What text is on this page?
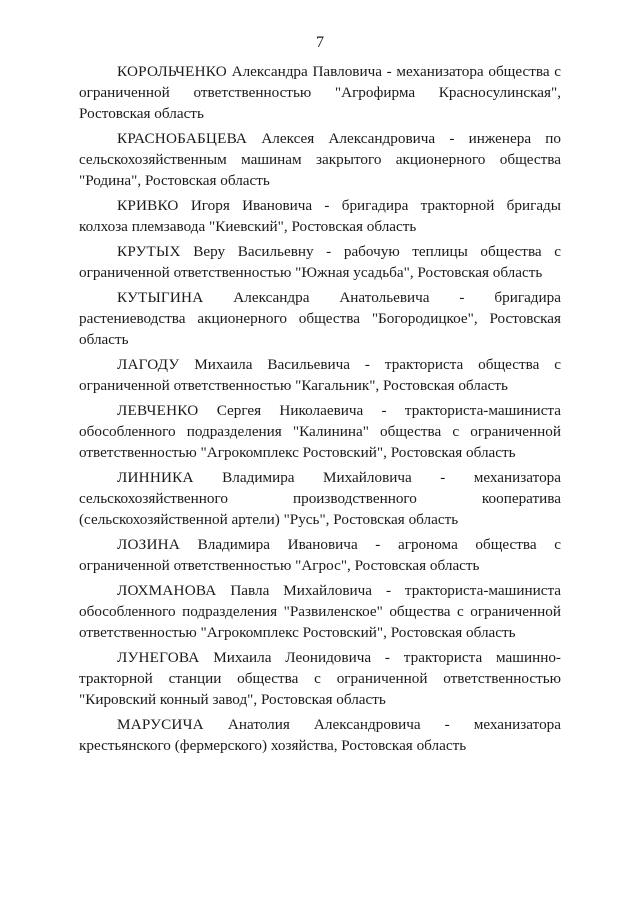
7

КОРОЛЬЧЕНКО Александра Павловича - механизатора общества с ограниченной ответственностью "Агрофирма Красносулинская", Ростовская область

КРАСНОБАБЦЕВА Алексея Александровича - инженера по сельскохозяйственным машинам закрытого акционерного общества "Родина", Ростовская область

КРИВКО Игоря Ивановича - бригадира тракторной бригады колхоза племзавода "Киевский", Ростовская область

КРУТЫХ Веру Васильевну - рабочую теплицы общества с ограниченной ответственностью "Южная усадьба", Ростовская область

КУТЫГИНА Александра Анатольевича - бригадира растениеводства акционерного общества "Богородицкое", Ростовская область

ЛАГОДУ Михаила Васильевича - тракториста общества с ограниченной ответственностью "Кагальник", Ростовская область

ЛЕВЧЕНКО Сергея Николаевича - тракториста-машиниста обособленного подразделения "Калинина" общества с ограниченной ответственностью "Агрокомплекс Ростовский", Ростовская область

ЛИННИКА Владимира Михайловича - механизатора сельскохозяйственного производственного кооператива (сельскохозяйственной артели) "Русь", Ростовская область

ЛОЗИНА Владимира Ивановича - агронома общества с ограниченной ответственностью "Агрос", Ростовская область

ЛОХМАНОВА Павла Михайловича - тракториста-машиниста обособленного подразделения "Развиленское" общества с ограниченной ответственностью "Агрокомплекс Ростовский", Ростовская область

ЛУНЕГОВА Михаила Леонидовича - тракториста машинно-тракторной станции общества с ограниченной ответственностью "Кировский конный завод", Ростовская область

МАРУСИЧА Анатолия Александровича - механизатора крестьянского (фермерского) хозяйства, Ростовская область
